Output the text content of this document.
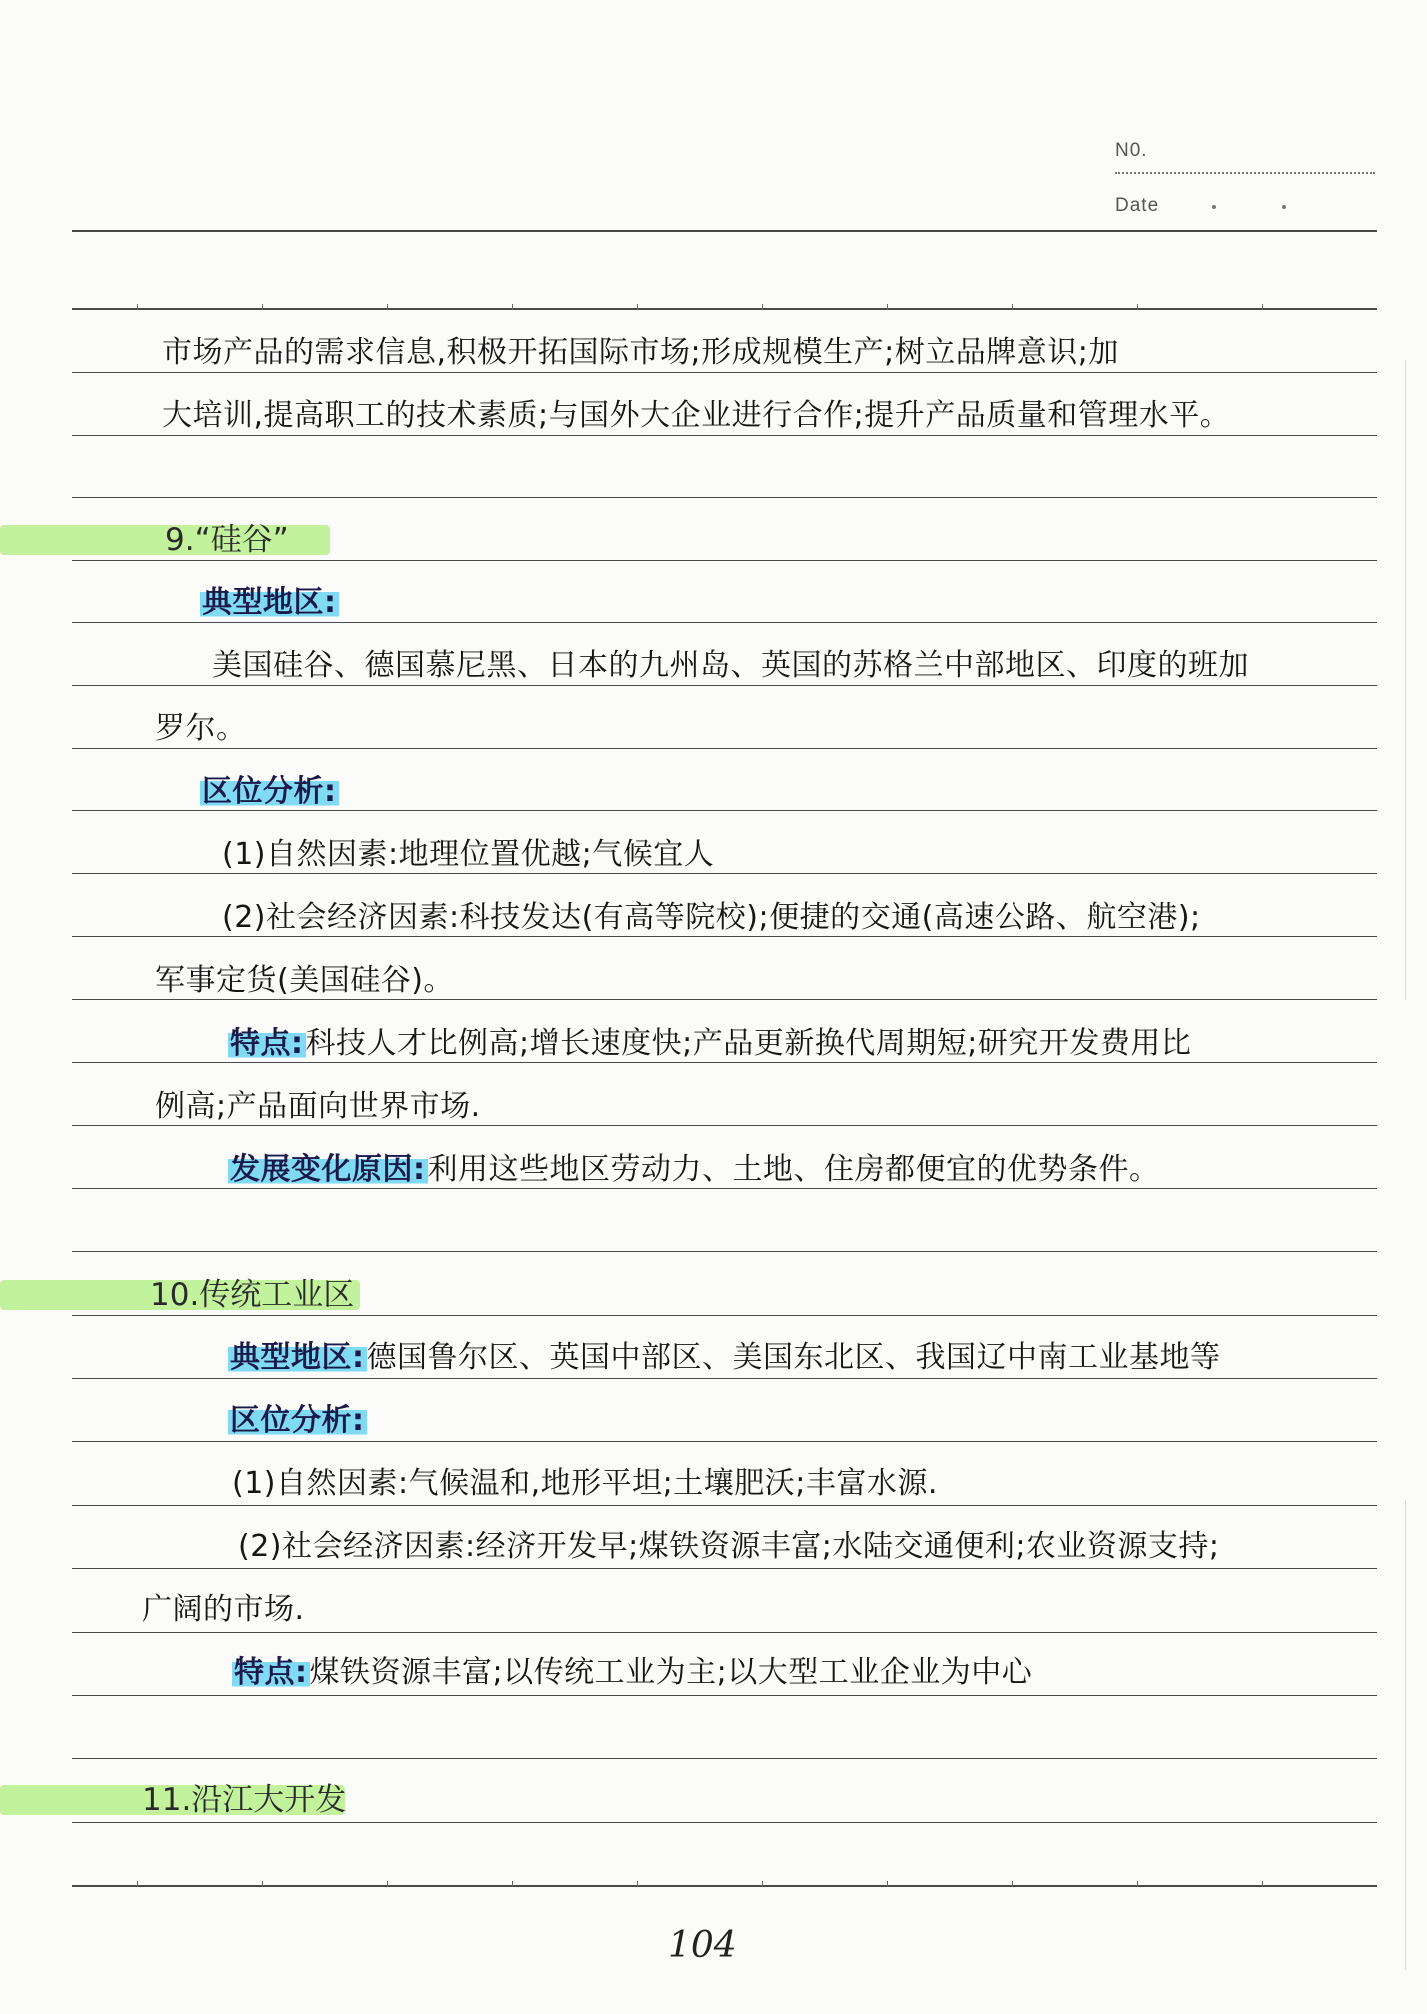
N0.
Date
市场产品的需求信息,积极开拓国际市场;形成规模生产;树立品牌意识;加
大培训,提高职工的技术素质;与国外大企业进行合作;提升产品质量和管理水平。
9.“硅谷”
典型地区:
美国硅谷、德国慕尼黑、日本的九州岛、英国的苏格兰中部地区、印度的班加
罗尔。
区位分析:
(1)自然因素:地理位置优越;气候宜人
(2)社会经济因素:科技发达(有高等院校);便捷的交通(高速公路、航空港);
军事定货(美国硅谷)。
特点:科技人才比例高;增长速度快;产品更新换代周期短;研究开发费用比
例高;产品面向世界市场.
发展变化原因:利用这些地区劳动力、土地、住房都便宜的优势条件。
10.传统工业区
典型地区:德国鲁尔区、英国中部区、美国东北区、我国辽中南工业基地等
区位分析:
(1)自然因素:气候温和,地形平坦;土壤肥沃;丰富水源.
(2)社会经济因素:经济开发早;煤铁资源丰富;水陆交通便利;农业资源支持;
广阔的市场.
特点:煤铁资源丰富;以传统工业为主;以大型工业企业为中心
11.沿江大开发
104
